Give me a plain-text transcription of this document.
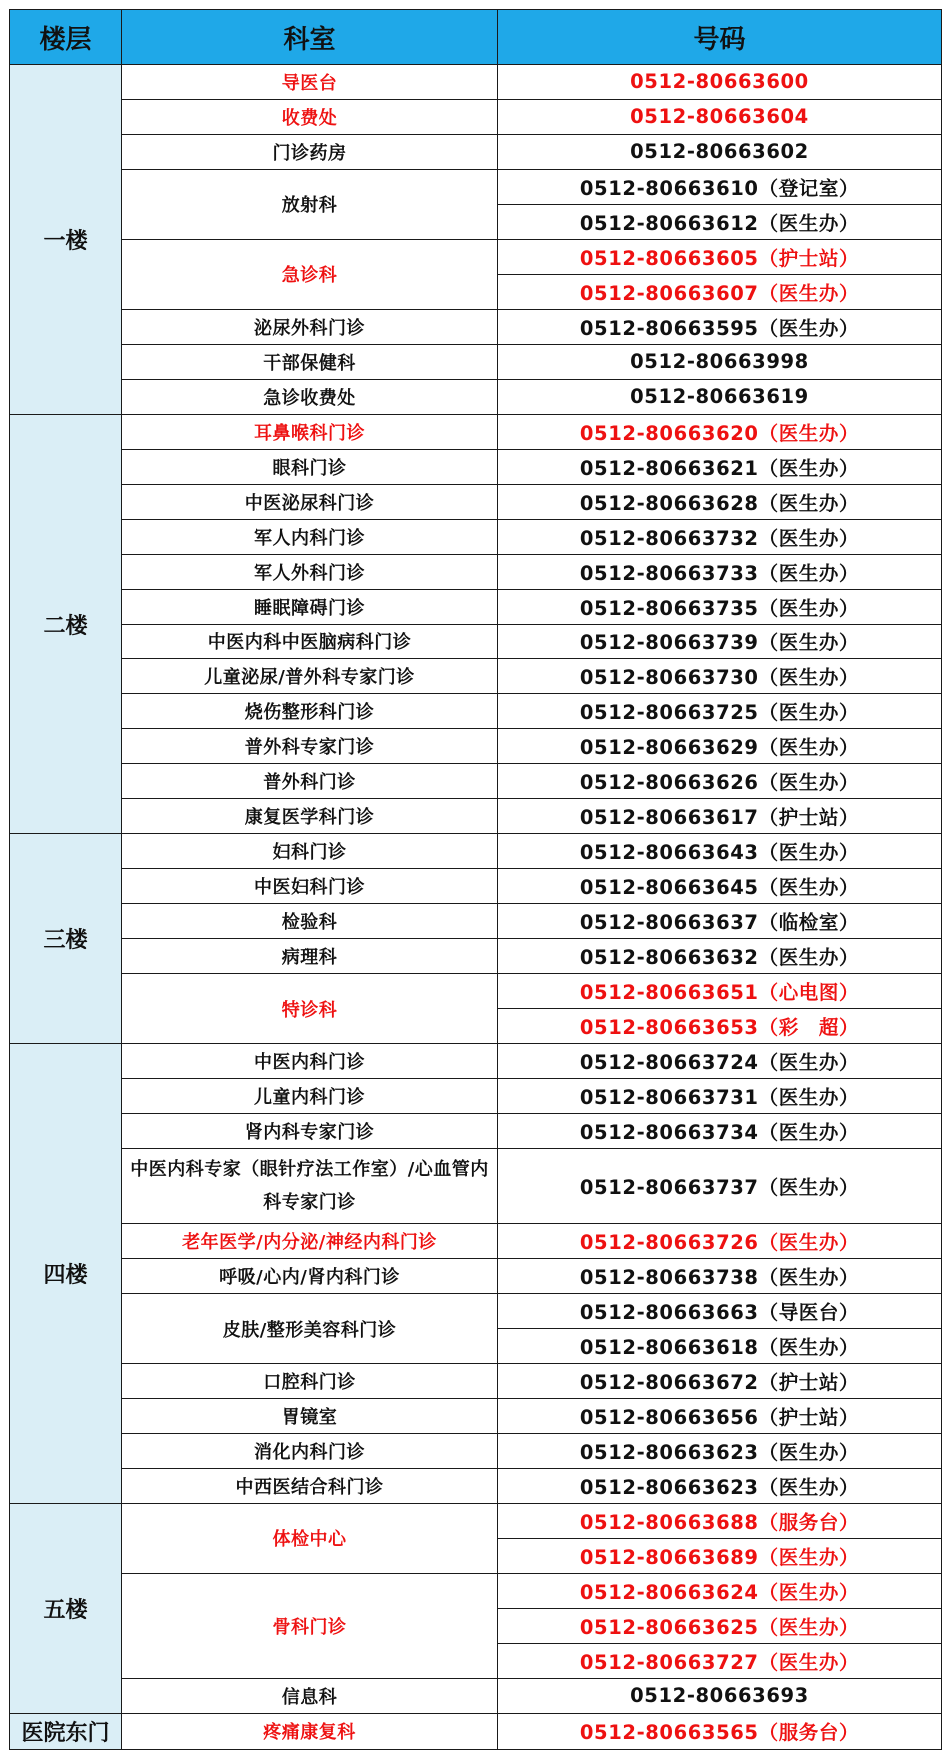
楼层	科室	号码
一楼	导医台	0512-80663600
	收费处	0512-80663604
	门诊药房	0512-80663602
	放射科	0512-80663610（登记室）
		0512-80663612（医生办）
	急诊科	0512-80663605（护士站）
		0512-80663607（医生办）
	泌尿外科门诊	0512-80663595（医生办）
	干部保健科	0512-80663998
	急诊收费处	0512-80663619
二楼	耳鼻喉科门诊	0512-80663620（医生办）
	眼科门诊	0512-80663621（医生办）
	中医泌尿科门诊	0512-80663628（医生办）
	军人内科门诊	0512-80663732（医生办）
	军人外科门诊	0512-80663733（医生办）
	睡眠障碍门诊	0512-80663735（医生办）
	中医内科中医脑病科门诊	0512-80663739（医生办）
	儿童泌尿/普外科专家门诊	0512-80663730（医生办）
	烧伤整形科门诊	0512-80663725（医生办）
	普外科专家门诊	0512-80663629（医生办）
	普外科门诊	0512-80663626（医生办）
	康复医学科门诊	0512-80663617（护士站）
三楼	妇科门诊	0512-80663643（医生办）
	中医妇科门诊	0512-80663645（医生办）
	检验科	0512-80663637（临检室）
	病理科	0512-80663632（医生办）
	特诊科	0512-80663651（心电图）
		0512-80663653（彩　超）
四楼	中医内科门诊	0512-80663724（医生办）
	儿童内科门诊	0512-80663731（医生办）
	肾内科专家门诊	0512-80663734（医生办）
	中医内科专家（眼针疗法工作室）/心血管内科专家门诊	0512-80663737（医生办）
	老年医学/内分泌/神经内科门诊	0512-80663726（医生办）
	呼吸/心内/肾内科门诊	0512-80663738（医生办）
	皮肤/整形美容科门诊	0512-80663663（导医台）
		0512-80663618（医生办）
	口腔科门诊	0512-80663672（护士站）
	胃镜室	0512-80663656（护士站）
	消化内科门诊	0512-80663623（医生办）
	中西医结合科门诊	0512-80663623（医生办）
五楼	体检中心	0512-80663688（服务台）
		0512-80663689（医生办）
	骨科门诊	0512-80663624（医生办）
		0512-80663625（医生办）
		0512-80663727（医生办）
	信息科	0512-80663693
医院东门	疼痛康复科	0512-80663565（服务台）
